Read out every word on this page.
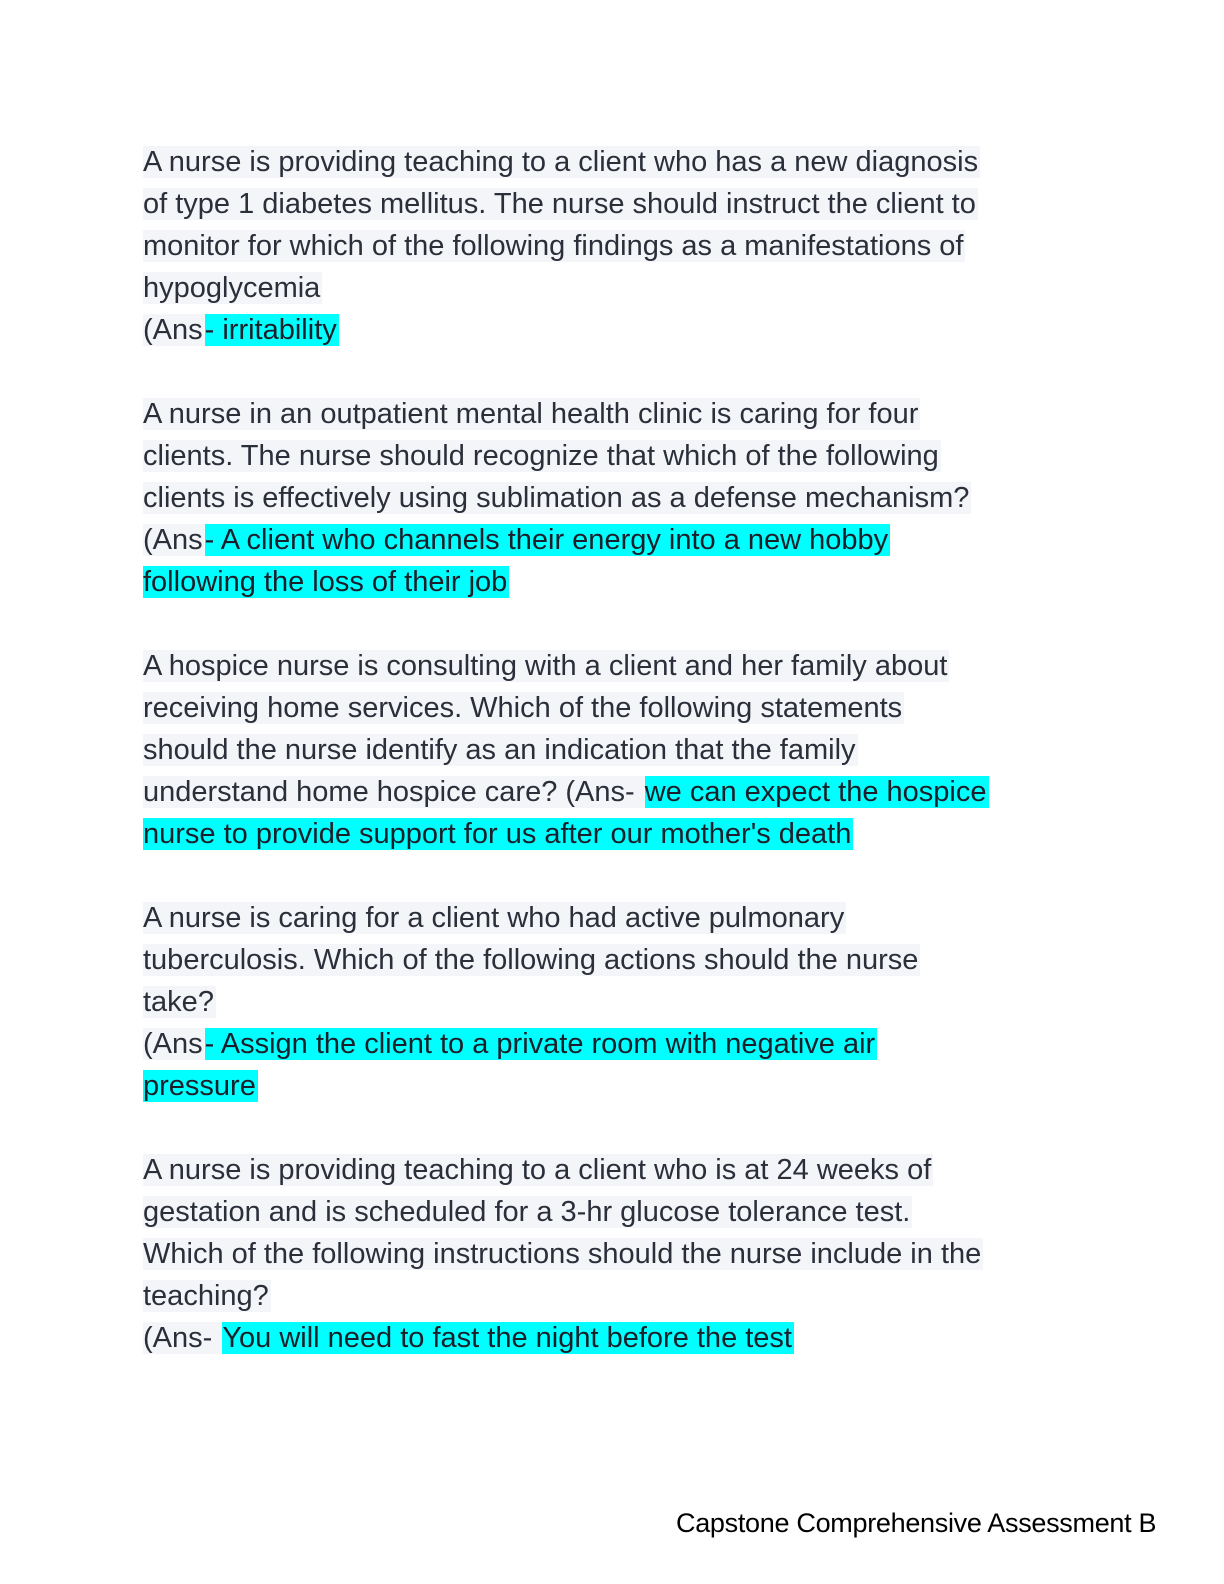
A nurse is providing teaching to a client who has a new diagnosis
of type 1 diabetes mellitus. The nurse should instruct the client to
monitor for which of the following findings as a manifestations of
hypoglycemia
(Ans- irritability
A nurse in an outpatient mental health clinic is caring for four
clients. The nurse should recognize that which of the following
clients is effectively using sublimation as a defense mechanism?
(Ans- A client who channels their energy into a new hobby
following the loss of their job
A hospice nurse is consulting with a client and her family about
receiving home services. Which of the following statements
should the nurse identify as an indication that the family
understand home hospice care? (Ans- we can expect the hospice
nurse to provide support for us after our mother's death
A nurse is caring for a client who had active pulmonary
tuberculosis. Which of the following actions should the nurse
take?
(Ans- Assign the client to a private room with negative air
pressure
A nurse is providing teaching to a client who is at 24 weeks of
gestation and is scheduled for a 3-hr glucose tolerance test.
Which of the following instructions should the nurse include in the
teaching?
(Ans- You will need to fast the night before the test
Capstone Comprehensive Assessment B
